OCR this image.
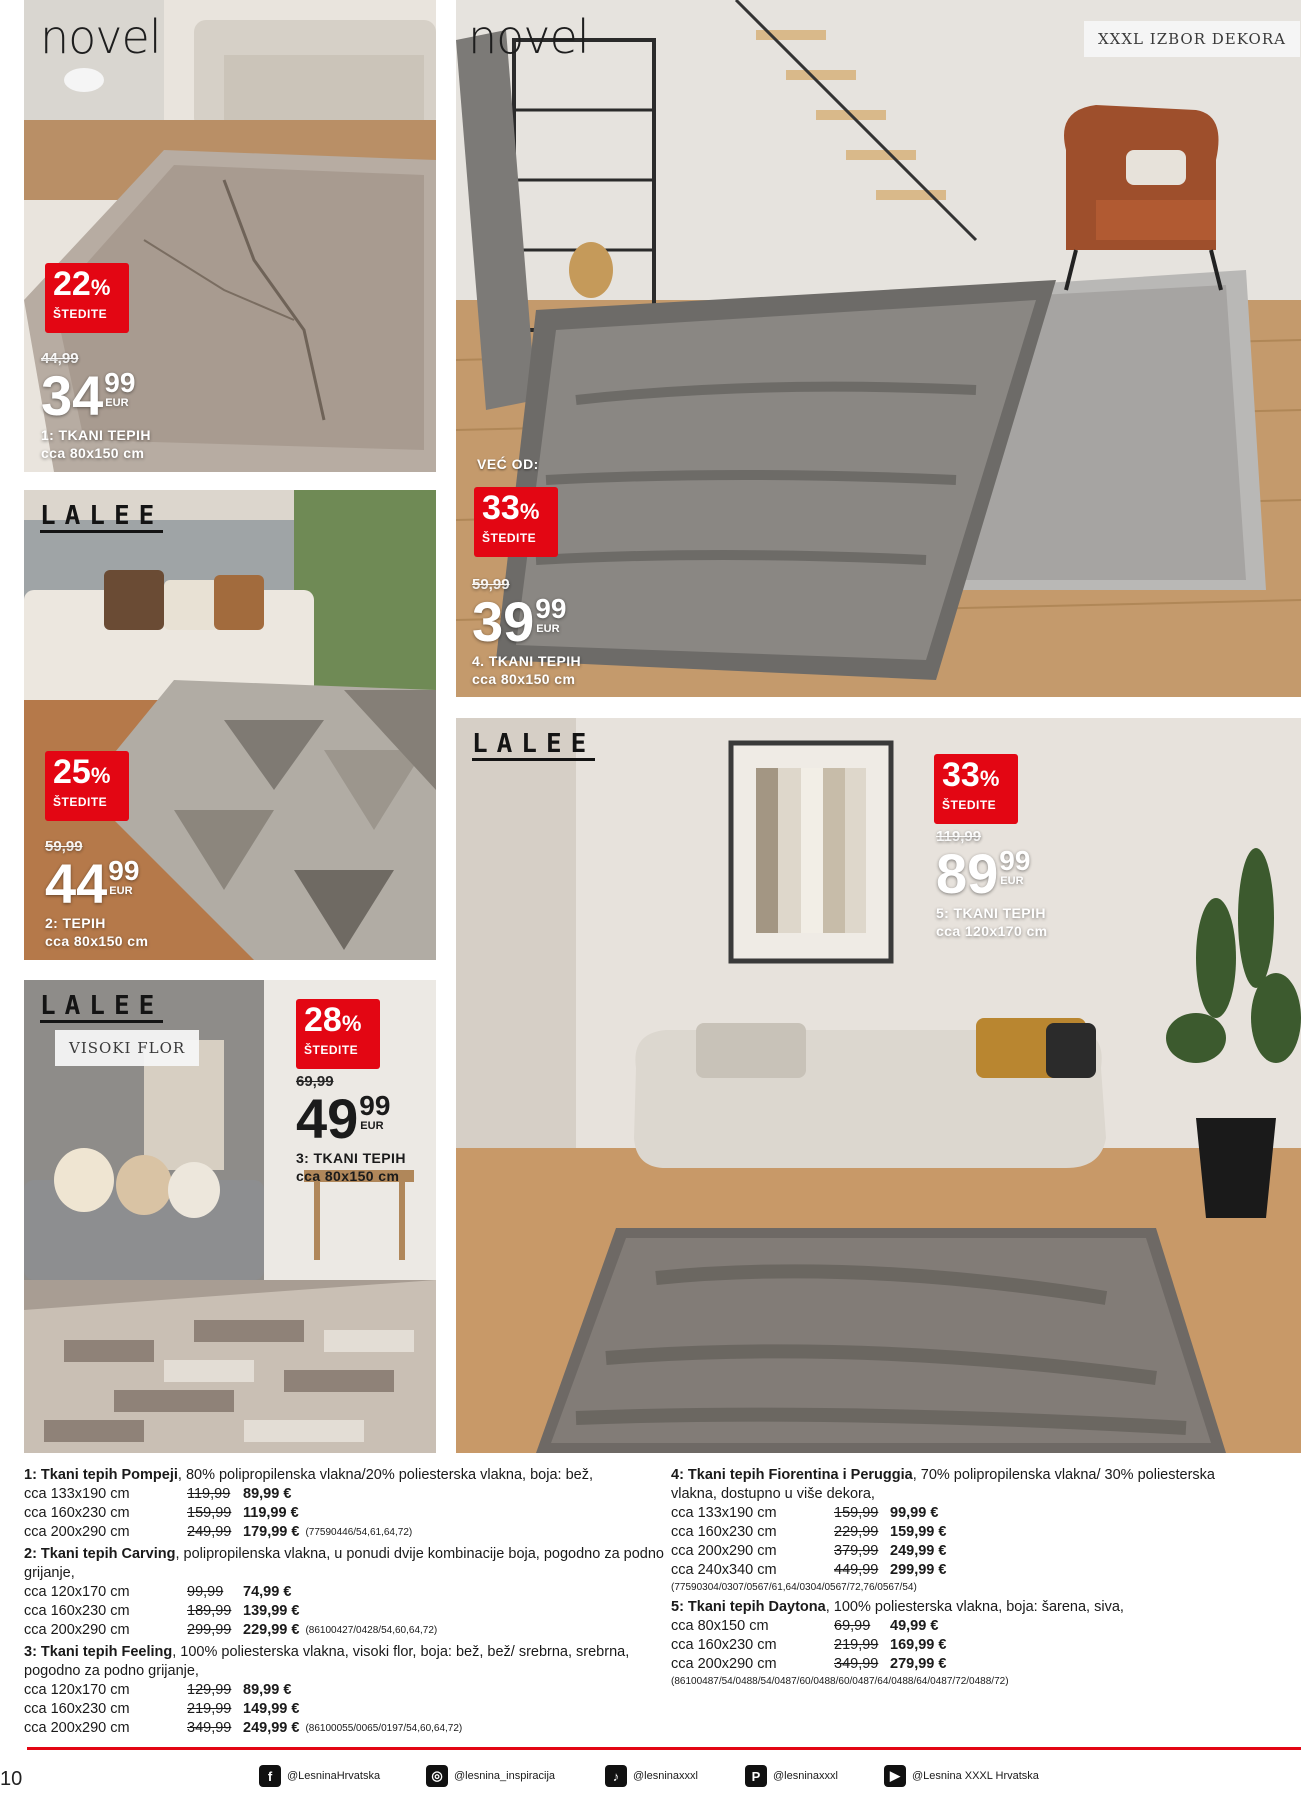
novel
22%
ŠTEDITE
44,99
34 99
EUR
1: TKANI TEPIH
cca 80x150 cm
novel	XXXL IZBOR DEKORA
VEĆ OD:
33%
ŠTEDITE
59,99
39 99
EUR
4. TKANI TEPIH
cca 80x150 cm
LALEE
25%
ŠTEDITE
59,99
44 99
EUR
2: TEPIH
cca 80x150 cm
LALEE
33%
ŠTEDITE
119,99
89 99
EUR
5: TKANI TEPIH
cca 120x170 cm
LALEE
VISOKI FLOR
28%
ŠTEDITE
69,99
49 99
EUR
3: TKANI TEPIH
cca 80x150 cm

1: Tkani tepih Pompeji, 80% polipropilenska vlakna/20% poliesterska vlakna, boja: bež,

cca 133x190 cm	119,99 89,99 €
cca 160x230 cm	159,99 119,99 €
cca 200x290 cm	249,99 179,99 € (77590446/54,61,64,72)

2: Tkani tepih Carving, polipropilenska vlakna, u ponudi dvije kombinacije boja, pogodno za podno grijanje,

cca 120x170 cm	99,99	74,99 €
cca 160x230 cm	189,99 139,99 €
cca 200x290 cm	299,99 229,99 € (86100427/0428/54,60,64,72)

3: Tkani tepih Feeling, 100% poliesterska vlakna, visoki flor, boja: bež, bež/ srebrna, srebrna, pogodno za podno grijanje,

cca 120x170 cm	129,99 89,99 €
cca 160x230 cm	219,99 149,99 €
cca 200x290 cm	349,99 249,99 € (86100055/0065/0197/54,60,64,72)

4: Tkani tepih Fiorentina i Peruggia, 70% polipropilenska vlakna/ 30% poliesterska vlakna, dostupno u više dekora,

cca 133x190 cm	159,99 99,99 €
cca 160x230 cm	229,99 159,99 €
cca 200x290 cm	379,99 249,99 €
cca 240x340 cm	449,99 299,99 €
(77590304/0307/0567/61,64/0304/0567/72,76/0567/54)

5: Tkani tepih Daytona, 100% poliesterska vlakna, boja: šarena, siva,

cca 80x150 cm	69,99	49,99 €
cca 160x230 cm	219,99 169,99 €
cca 200x290 cm	349,99 279,99 €
(86100487/54/0488/54/0487/60/0488/60/0487/64/0488/64/0487/72/0488/72)
10	f	@LesninaHrvatska	◎	@lesnina_inspiracija	♪	@lesninaxxxl	P	@lesninaxxxl	▶	@Lesnina XXXL Hrvatska
